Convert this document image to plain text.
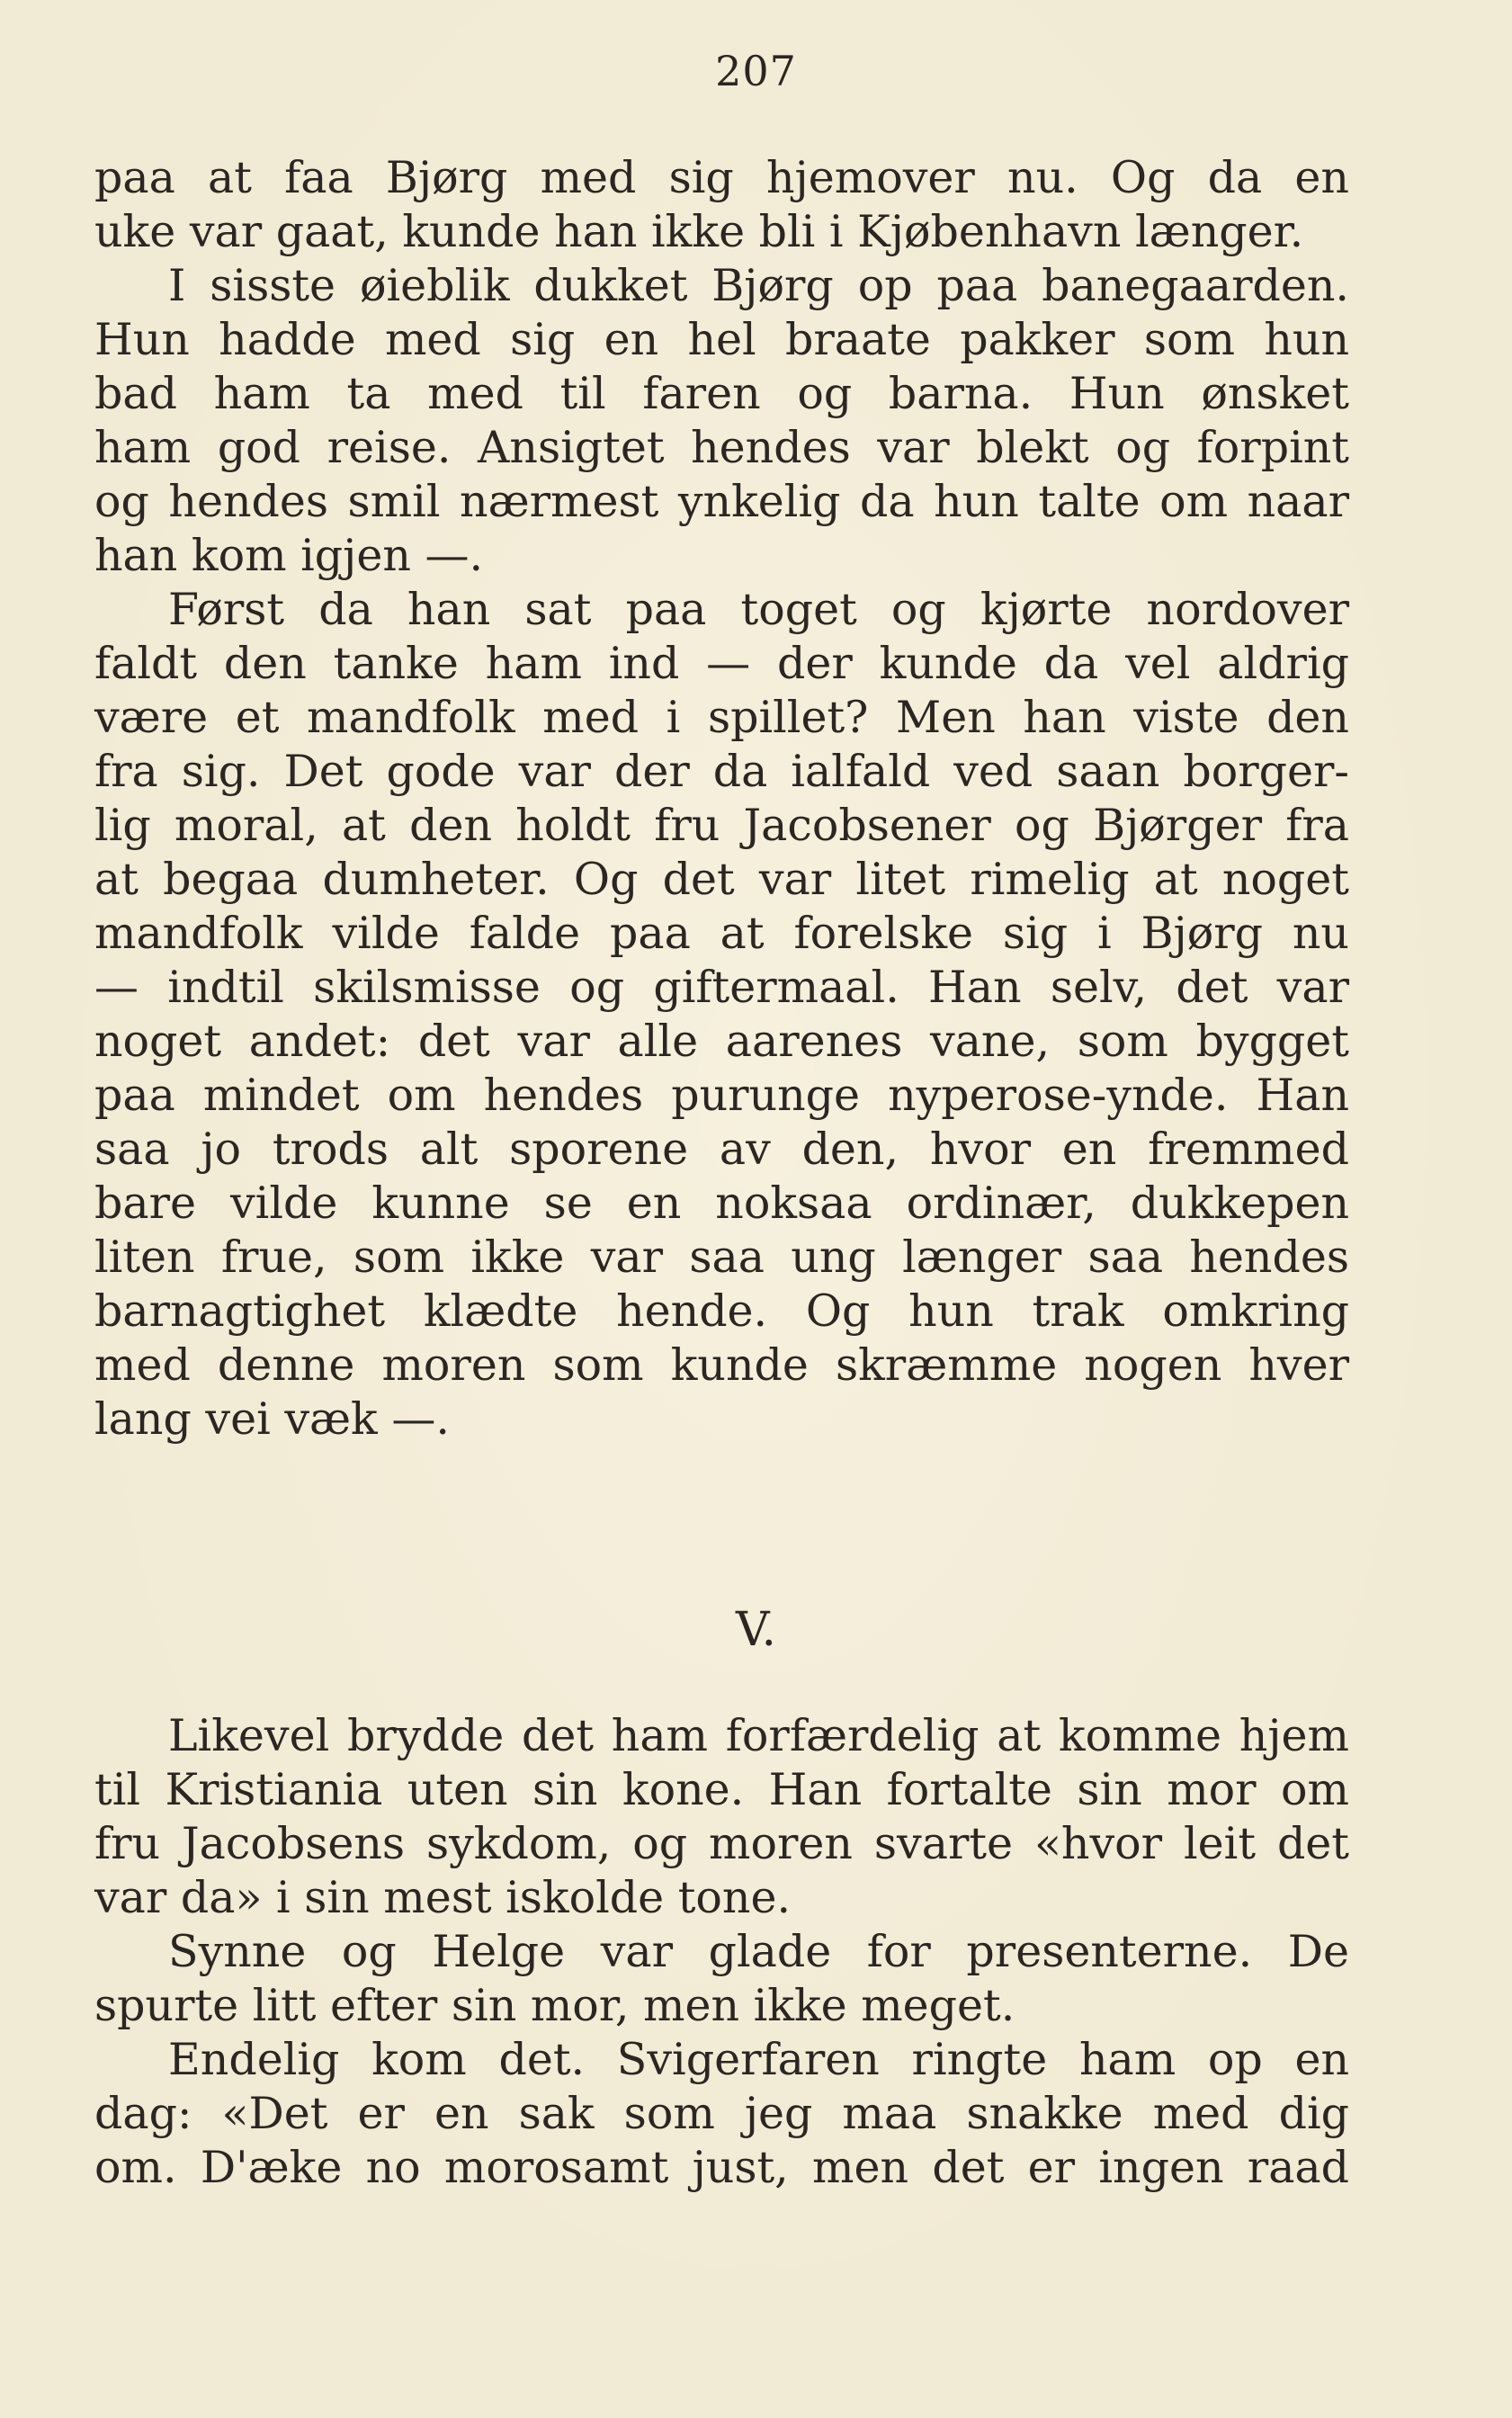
207
paa at faa Bjørg med sig hjemover nu. Og da en
uke var gaat, kunde han ikke bli i Kjøbenhavn længer.
I sisste øieblik dukket Bjørg op paa banegaarden.
Hun hadde med sig en hel braate pakker som hun
bad ham ta med til faren og barna. Hun ønsket
ham god reise. Ansigtet hendes var blekt og forpint
og hendes smil nærmest ynkelig da hun talte om naar
han kom igjen —.
Først da han sat paa toget og kjørte nordover
faldt den tanke ham ind — der kunde da vel aldrig
være et mandfolk med i spillet? Men han viste den
fra sig. Det gode var der da ialfald ved saan borger-
lig moral, at den holdt fru Jacobsener og Bjørger fra
at begaa dumheter. Og det var litet rimelig at noget
mandfolk vilde falde paa at forelske sig i Bjørg nu
— indtil skilsmisse og giftermaal. Han selv, det var
noget andet: det var alle aarenes vane, som bygget
paa mindet om hendes purunge nyperose-ynde. Han
saa jo trods alt sporene av den, hvor en fremmed
bare vilde kunne se en noksaa ordinær, dukkepen
liten frue, som ikke var saa ung længer saa hendes
barnagtighet klædte hende. Og hun trak omkring
med denne moren som kunde skræmme nogen hver
lang vei væk —.
V.
Likevel brydde det ham forfærdelig at komme hjem
til Kristiania uten sin kone. Han fortalte sin mor om
fru Jacobsens sykdom, og moren svarte «hvor leit det
var da» i sin mest iskolde tone.
Synne og Helge var glade for presenterne. De
spurte litt efter sin mor, men ikke meget.
Endelig kom det. Svigerfaren ringte ham op en
dag: «Det er en sak som jeg maa snakke med dig
om. D'æke no morosamt just, men det er ingen raad
